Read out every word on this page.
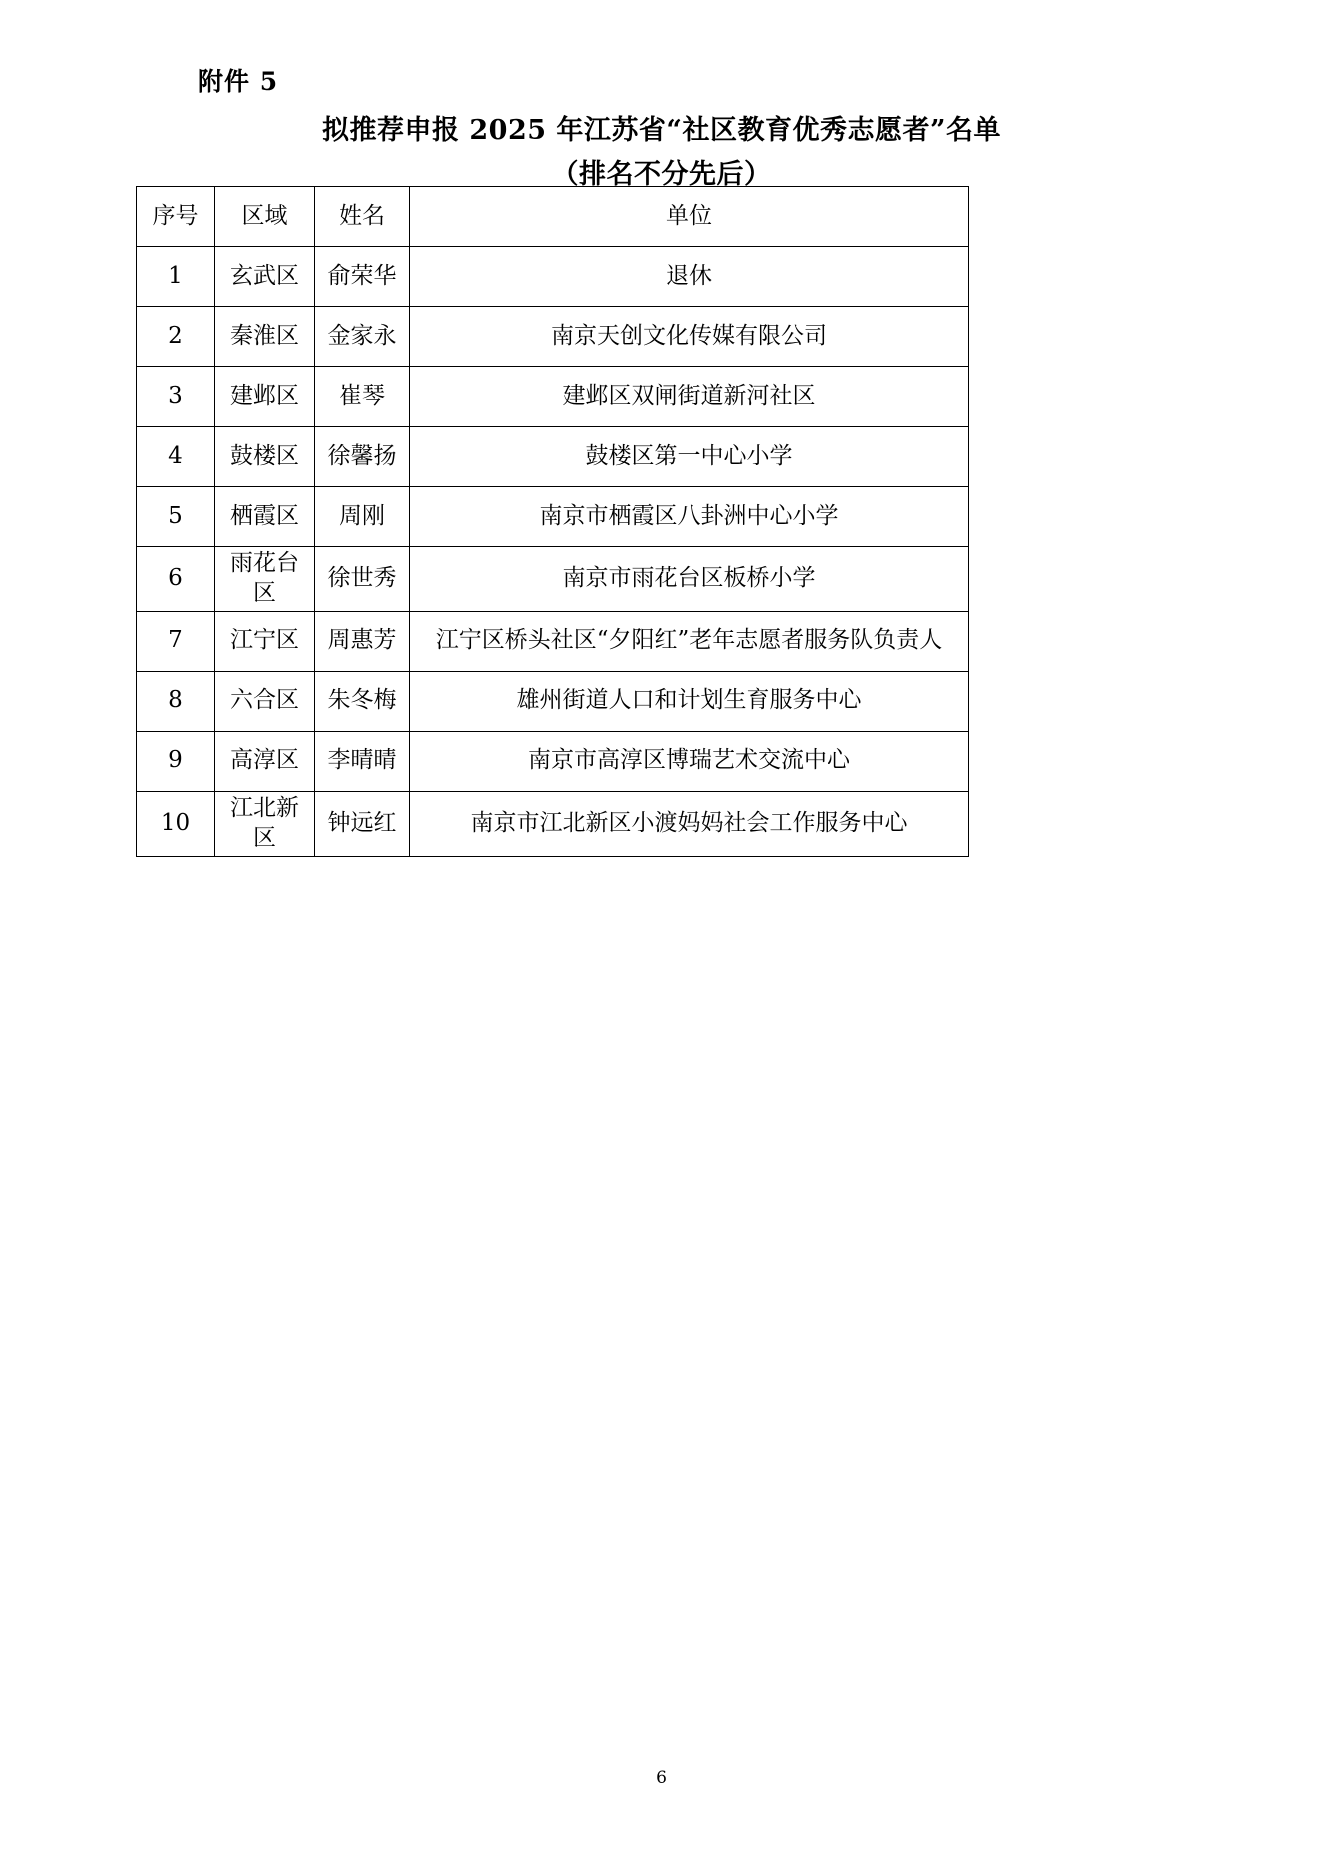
附件 5
拟推荐申报 2025 年江苏省“社区教育优秀志愿者”名单
（排名不分先后）
序号	区域	姓名	单位
1	玄武区	俞荣华	退休
2	秦淮区	金家永	南京天创文化传媒有限公司
3	建邺区	崔琴	建邺区双闸街道新河社区
4	鼓楼区	徐馨扬	鼓楼区第一中心小学
5	栖霞区	周刚	南京市栖霞区八卦洲中心小学
6	雨花台区	徐世秀	南京市雨花台区板桥小学
7	江宁区	周惠芳	江宁区桥头社区“夕阳红”老年志愿者服务队负责人
8	六合区	朱冬梅	雄州街道人口和计划生育服务中心
9	高淳区	李晴晴	南京市高淳区博瑞艺术交流中心
10	江北新区	钟远红	南京市江北新区小渡妈妈社会工作服务中心
6
